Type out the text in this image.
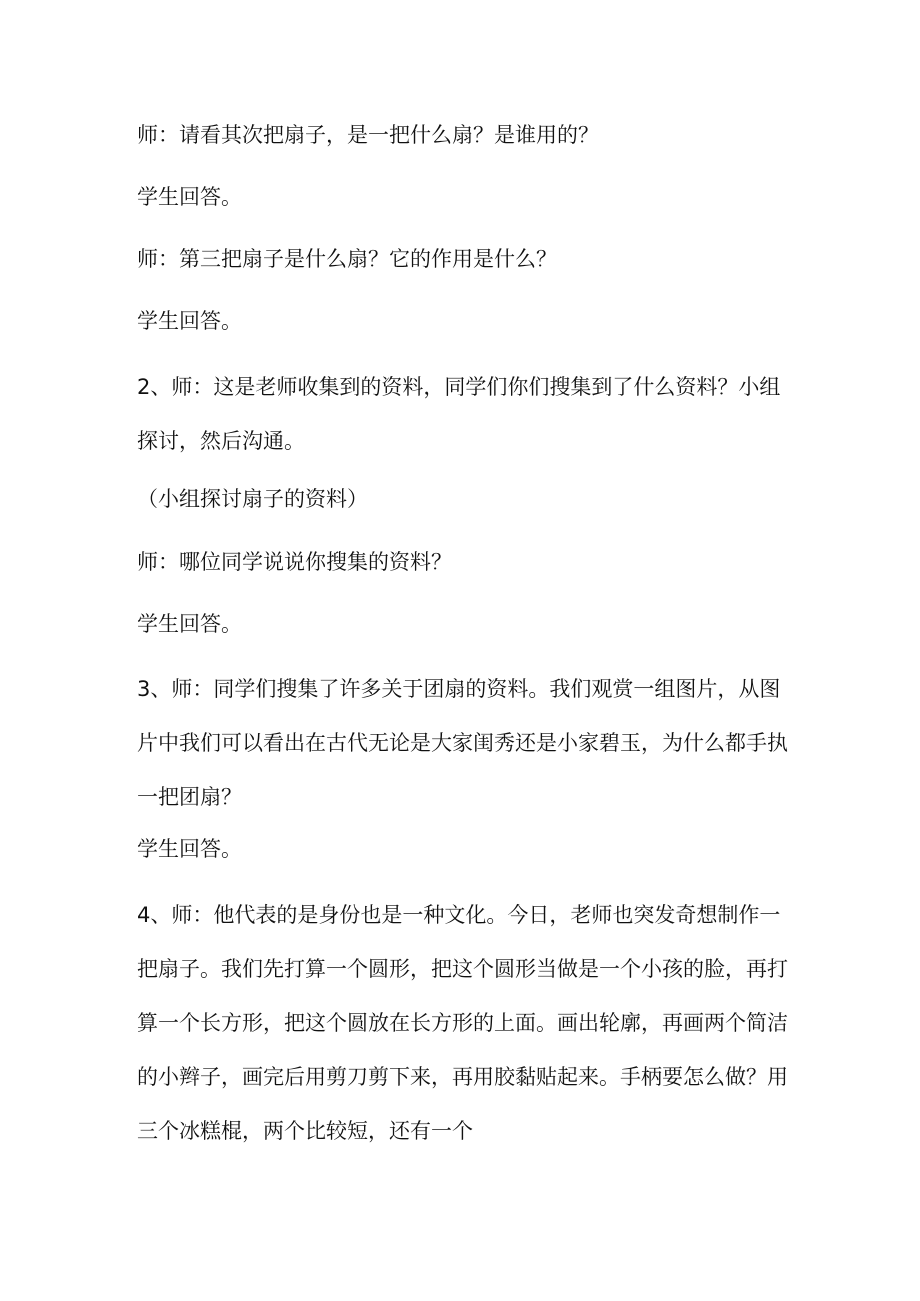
师：请看其次把扇子，是一把什么扇？是谁用的？

学生回答。

师：第三把扇子是什么扇？它的作用是什么？

学生回答。

2、师：这是老师收集到的资料，同学们你们搜集到了什么资料？小组探讨，然后沟通。

（小组探讨扇子的资料）

师：哪位同学说说你搜集的资料？

学生回答。

3、师：同学们搜集了许多关于团扇的资料。我们观赏一组图片，从图片中我们可以看出在古代无论是大家闺秀还是小家碧玉，为什么都手执一把团扇？

学生回答。

4、师：他代表的是身份也是一种文化。今日，老师也突发奇想制作一把扇子。我们先打算一个圆形，把这个圆形当做是一个小孩的脸，再打算一个长方形，把这个圆放在长方形的上面。画出轮廓，再画两个简洁的小辫子，画完后用剪刀剪下来，再用胶黏贴起来。手柄要怎么做？用三个冰糕棍，两个比较短，还有一个
